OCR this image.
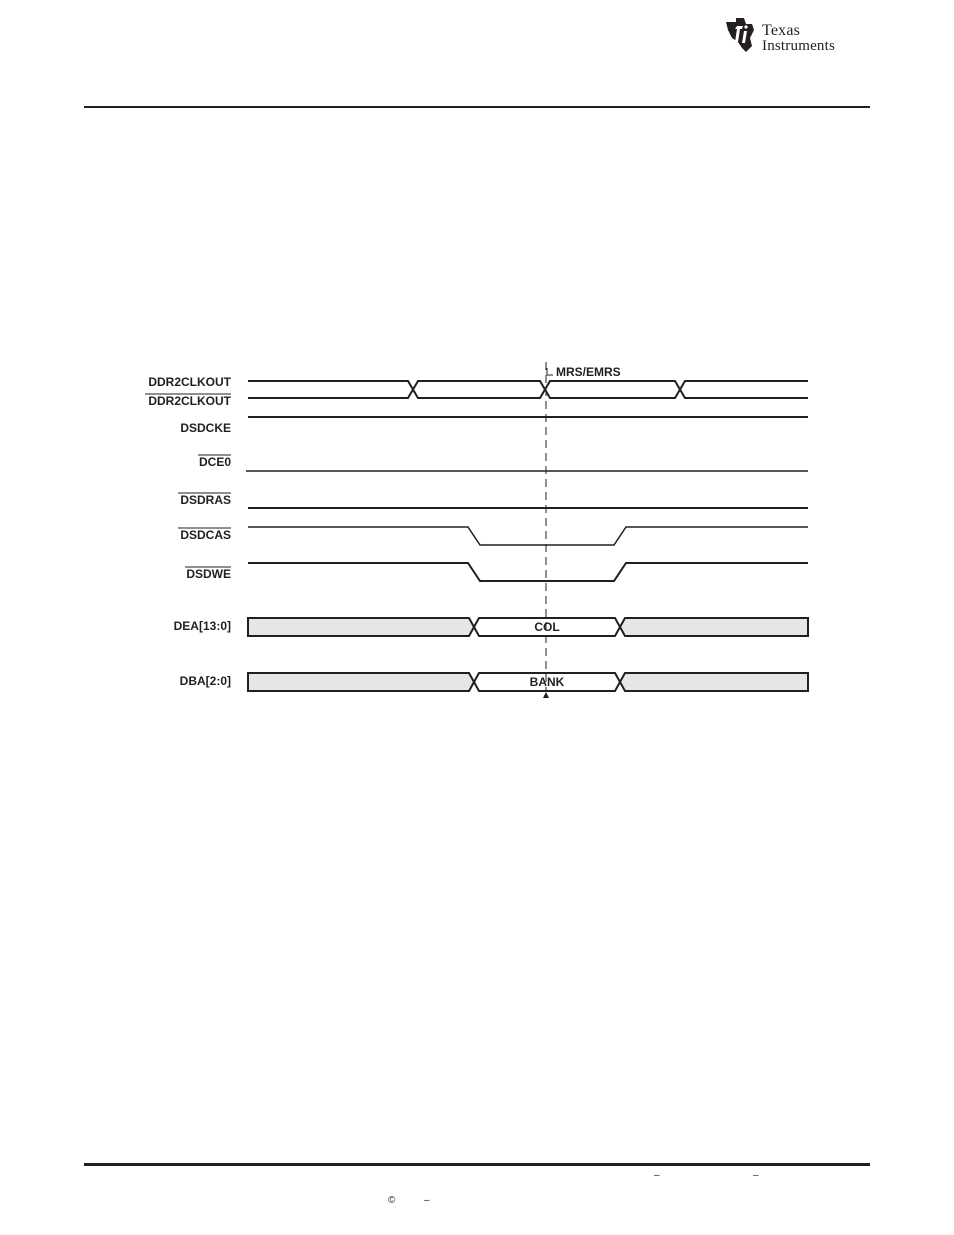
Texas
Instruments
DDR2CLKOUT
DDR2CLKOUT
DSDCKE
DCE0
DSDRAS
DSDCAS
DSDWE
DEA[13:0]
DBA[2:0]
COL
BANK
MRS/EMRS
–	–
©	–
